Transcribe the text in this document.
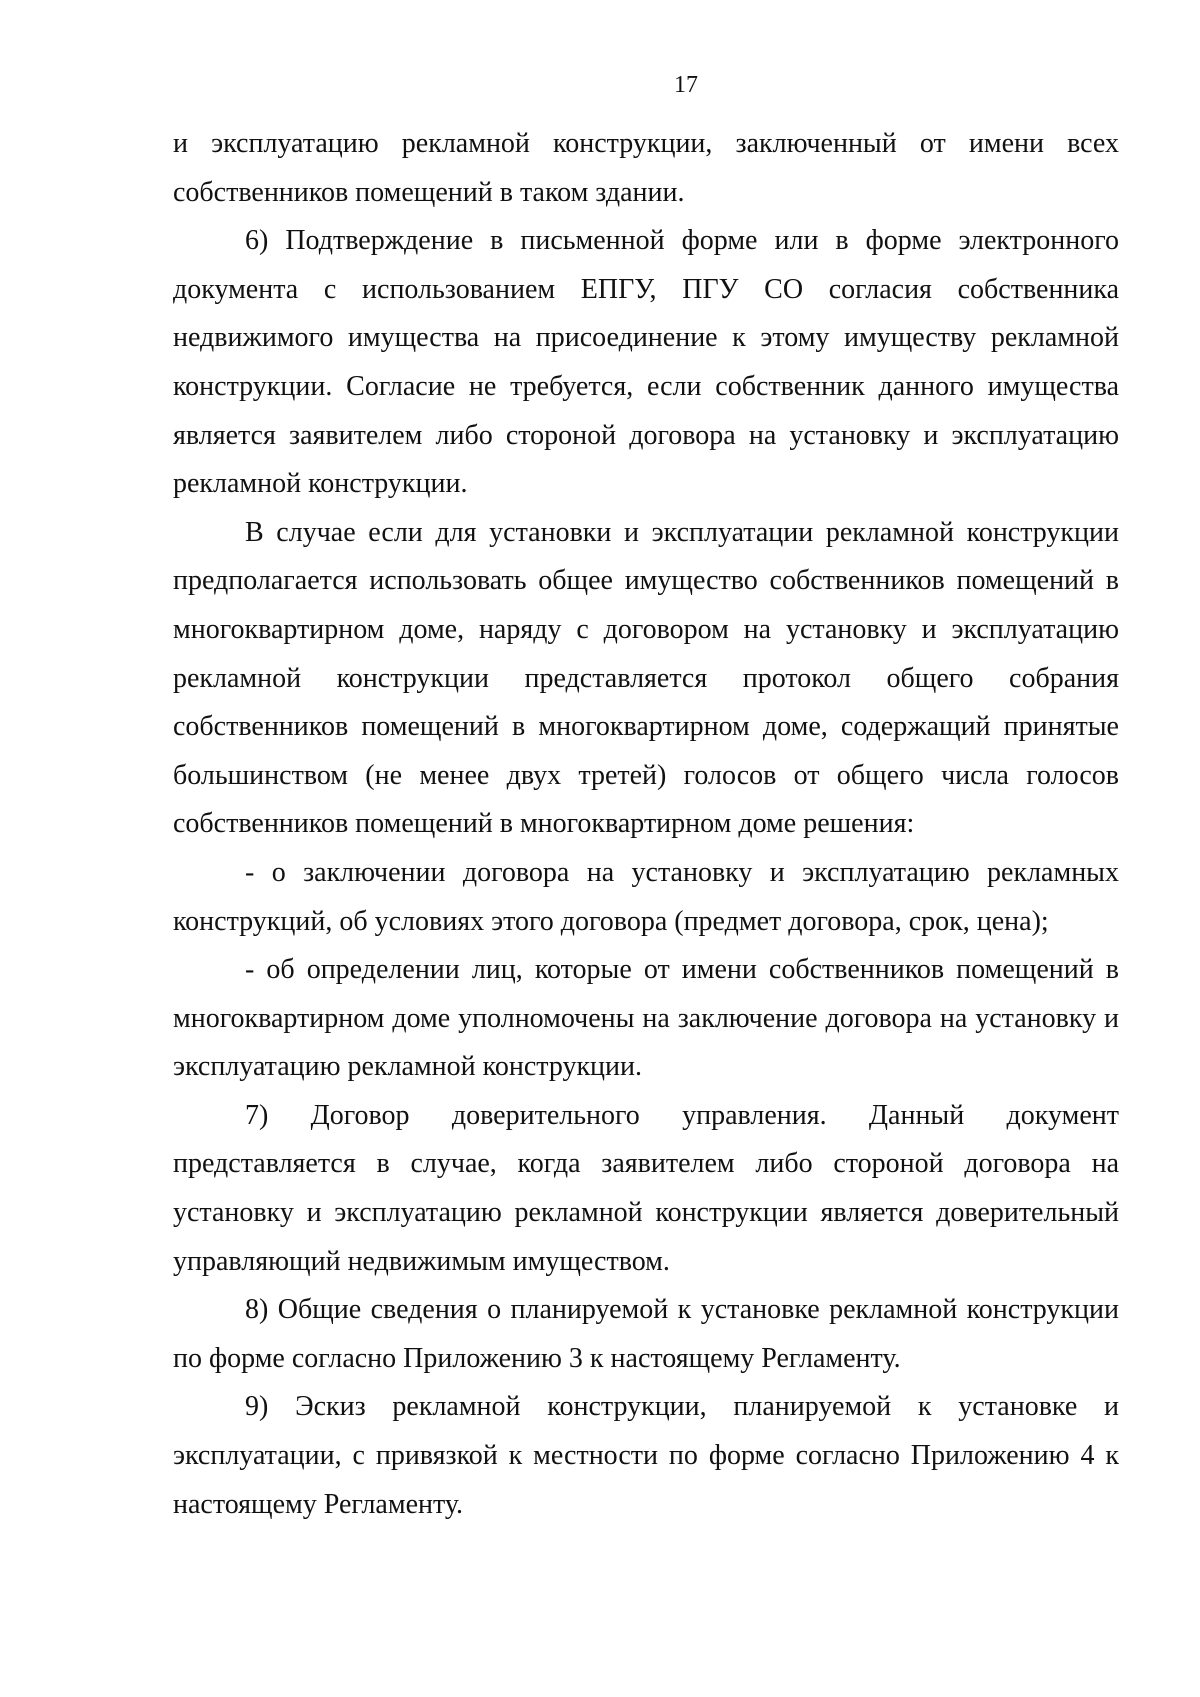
17

и эксплуатацию рекламной конструкции, заключенный от имени всех собственников помещений в таком здании.

6) Подтверждение в письменной форме или в форме электронного документа с использованием ЕПГУ, ПГУ СО согласия собственника недвижимого имущества на присоединение к этому имуществу рекламной конструкции. Согласие не требуется, если собственник данного имущества является заявителем либо стороной договора на установку и эксплуатацию рекламной конструкции.

В случае если для установки и эксплуатации рекламной конструкции предполагается использовать общее имущество собственников помещений в многоквартирном доме, наряду с договором на установку и эксплуатацию рекламной конструкции представляется протокол общего собрания собственников помещений в многоквартирном доме, содержащий принятые большинством (не менее двух третей) голосов от общего числа голосов собственников помещений в многоквартирном доме решения:

- о заключении договора на установку и эксплуатацию рекламных конструкций, об условиях этого договора (предмет договора, срок, цена);

- об определении лиц, которые от имени собственников помещений в многоквартирном доме уполномочены на заключение договора на установку и эксплуатацию рекламной конструкции.

7) Договор доверительного управления. Данный документ представляется в случае, когда заявителем либо стороной договора на установку и эксплуатацию рекламной конструкции является доверительный управляющий недвижимым имуществом.

8) Общие сведения о планируемой к установке рекламной конструкции по форме согласно Приложению 3 к настоящему Регламенту.

9) Эскиз рекламной конструкции, планируемой к установке и эксплуатации, с привязкой к местности по форме согласно Приложению 4 к настоящему Регламенту.
